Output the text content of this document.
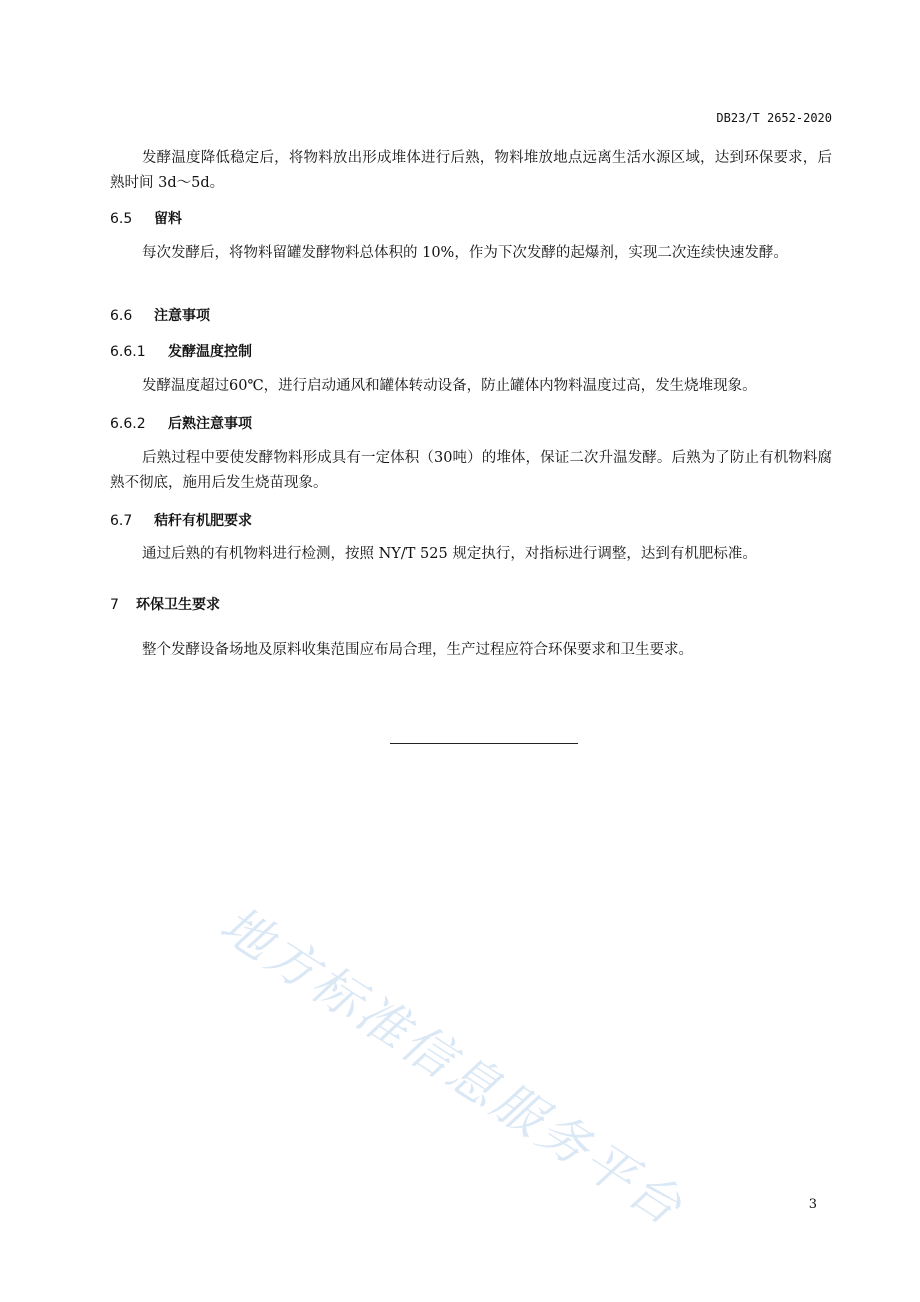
DB23/T 2652-2020

发酵温度降低稳定后，将物料放出形成堆体进行后熟，物料堆放地点远离生活水源区域，达到环保要求，后熟时间 3d～5d。

6.5 留料

每次发酵后，将物料留罐发酵物料总体积的 10%，作为下次发酵的起爆剂，实现二次连续快速发酵。

6.6 注意事项
6.6.1 发酵温度控制

发酵温度超过60℃，进行启动通风和罐体转动设备，防止罐体内物料温度过高，发生烧堆现象。

6.6.2 后熟注意事项

后熟过程中要使发酵物料形成具有一定体积（30吨）的堆体，保证二次升温发酵。后熟为了防止有机物料腐熟不彻底，施用后发生烧苗现象。

6.7 秸秆有机肥要求

通过后熟的有机物料进行检测，按照 NY/T 525 规定执行，对指标进行调整，达到有机肥标准。

7 环保卫生要求

整个发酵设备场地及原料收集范围应布局合理，生产过程应符合环保要求和卫生要求。

地方标准信息服务平台	3
